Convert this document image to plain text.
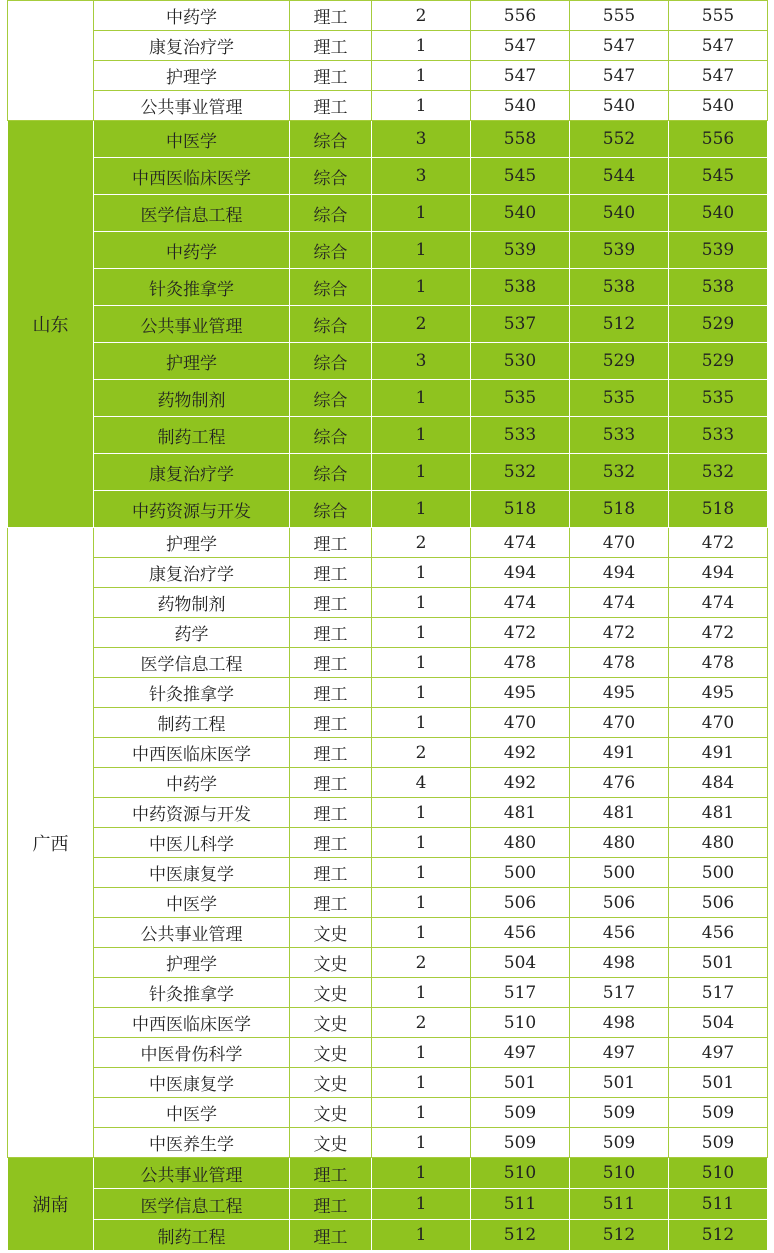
	中药学	理工	2	556	555	555
	康复治疗学	理工	1	547	547	547
	护理学	理工	1	547	547	547
	公共事业管理	理工	1	540	540	540
山东	中医学	综合	3	558	552	556
	中西医临床医学	综合	3	545	544	545
	医学信息工程	综合	1	540	540	540
	中药学	综合	1	539	539	539
	针灸推拿学	综合	1	538	538	538
	公共事业管理	综合	2	537	512	529
	护理学	综合	3	530	529	529
	药物制剂	综合	1	535	535	535
	制药工程	综合	1	533	533	533
	康复治疗学	综合	1	532	532	532
	中药资源与开发	综合	1	518	518	518
广西	护理学	理工	2	474	470	472
	康复治疗学	理工	1	494	494	494
	药物制剂	理工	1	474	474	474
	药学	理工	1	472	472	472
	医学信息工程	理工	1	478	478	478
	针灸推拿学	理工	1	495	495	495
	制药工程	理工	1	470	470	470
	中西医临床医学	理工	2	492	491	491
	中药学	理工	4	492	476	484
	中药资源与开发	理工	1	481	481	481
	中医儿科学	理工	1	480	480	480
	中医康复学	理工	1	500	500	500
	中医学	理工	1	506	506	506
	公共事业管理	文史	1	456	456	456
	护理学	文史	2	504	498	501
	针灸推拿学	文史	1	517	517	517
	中西医临床医学	文史	2	510	498	504
	中医骨伤科学	文史	1	497	497	497
	中医康复学	文史	1	501	501	501
	中医学	文史	1	509	509	509
	中医养生学	文史	1	509	509	509
湖南	公共事业管理	理工	1	510	510	510
	医学信息工程	理工	1	511	511	511
	制药工程	理工	1	512	512	512
